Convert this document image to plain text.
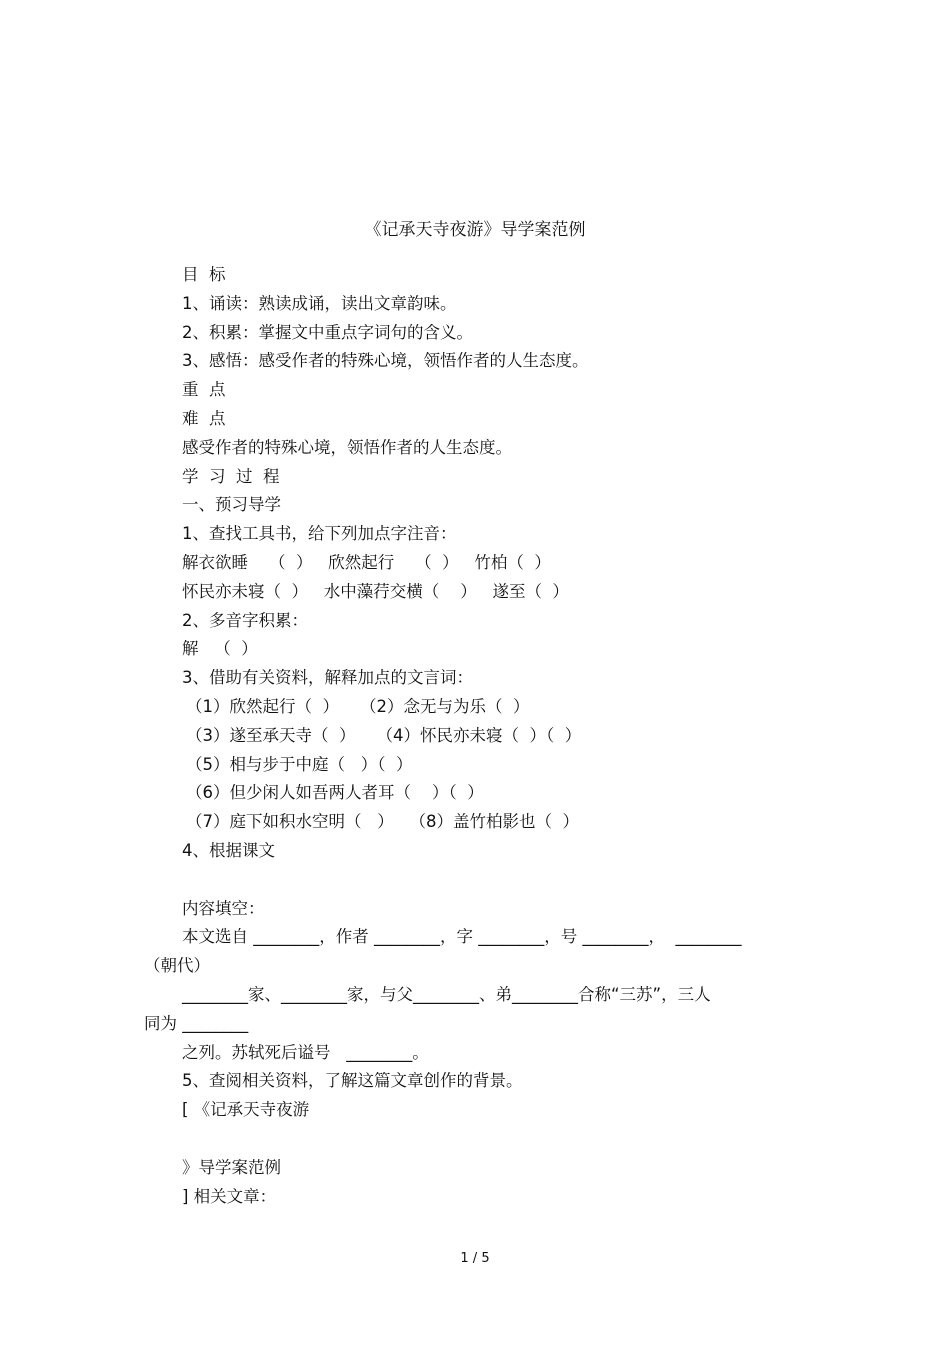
《记承天寺夜游》导学案范例
目  标
1、诵读：熟读成诵，读出文章韵味。
2、积累：掌握文中重点字词句的含义。
3、感悟：感受作者的特殊心境，领悟作者的人生态度。
重  点
难  点
感受作者的特殊心境，领悟作者的人生态度。
学  习  过  程
一、预习导学
1、查找工具书，给下列加点字注音：
解衣欲睡    （  ）   欣然起行    （  ）   竹柏（  ）
怀民亦未寝（  ）   水中藻荇交横（    ）   遂至（  ）
2、多音字积累：
解   （  ）
3、借助有关资料，解释加点的文言词：
（1）欣然起行（  ）    （2）念无与为乐（  ）
（3）遂至承天寺（  ）    （4）怀民亦未寝（  ）（  ）
（5）相与步于中庭（   ）（  ）
（6）但少闲人如吾两人者耳（    ）（  ）
（7）庭下如积水空明（   ）   （8）盖竹柏影也（  ）
4、根据课文
内容填空：
本文选自 ________，作者 ________，字 ________，号 ________，  ________
（朝代）
________家、________家，与父________、弟________合称“三苏”，三人
同为 ________
之列。苏轼死后谥号   ________。
5、查阅相关资料，了解这篇文章创作的背景。
[ 《记承天寺夜游
》导学案范例
] 相关文章：
1 / 5
